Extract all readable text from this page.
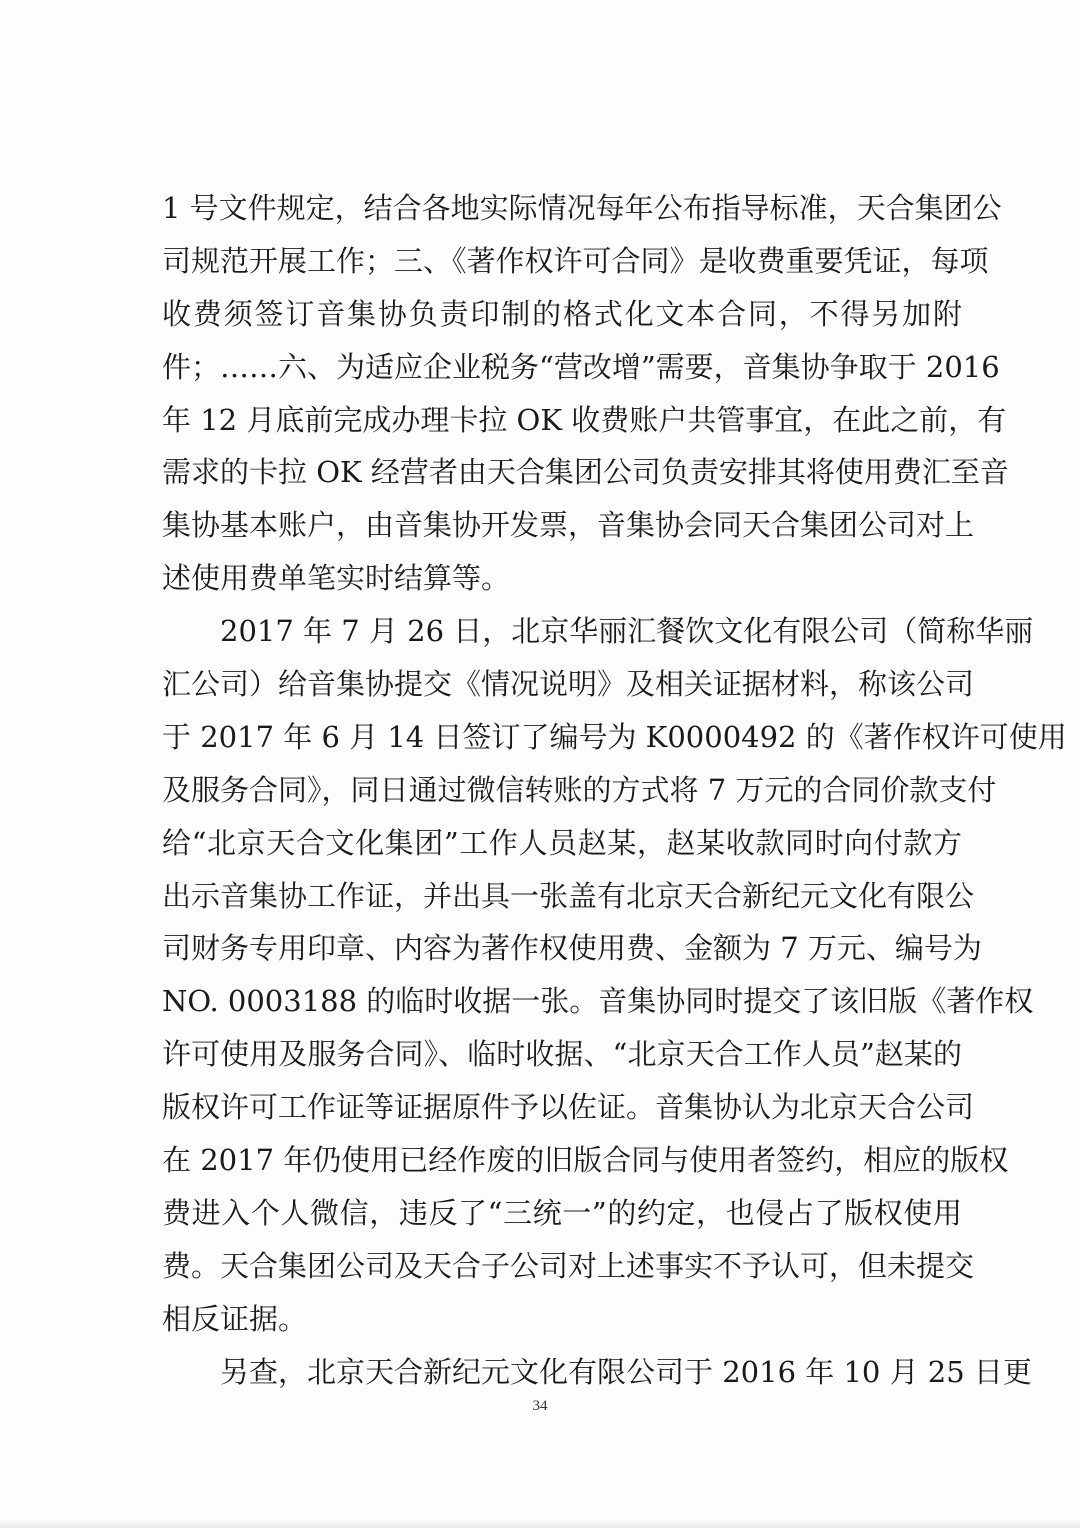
1 号文件规定，结合各地实际情况每年公布指导标准，天合集团公
司规范开展工作；三、《著作权许可合同》是收费重要凭证，每项
收费须签订音集协负责印制的格式化文本合同，不得另加附
件；……六、为适应企业税务“营改增”需要，音集协争取于 2016
年 12 月底前完成办理卡拉 OK 收费账户共管事宜，在此之前，有
需求的卡拉 OK 经营者由天合集团公司负责安排其将使用费汇至音
集协基本账户，由音集协开发票，音集协会同天合集团公司对上
述使用费单笔实时结算等。
2017 年 7 月 26 日，北京华丽汇餐饮文化有限公司（简称华丽
汇公司）给音集协提交《情况说明》及相关证据材料，称该公司
于 2017 年 6 月 14 日签订了编号为 K0000492 的《著作权许可使用
及服务合同》，同日通过微信转账的方式将 7 万元的合同价款支付
给“北京天合文化集团”工作人员赵某，赵某收款同时向付款方
出示音集协工作证，并出具一张盖有北京天合新纪元文化有限公
司财务专用印章、内容为著作权使用费、金额为 7 万元、编号为
NO. 0003188 的临时收据一张。音集协同时提交了该旧版《著作权
许可使用及服务合同》、临时收据、“北京天合工作人员”赵某的
版权许可工作证等证据原件予以佐证。音集协认为北京天合公司
在 2017 年仍使用已经作废的旧版合同与使用者签约，相应的版权
费进入个人微信，违反了“三统一”的约定，也侵占了版权使用
费。天合集团公司及天合子公司对上述事实不予认可，但未提交
相反证据。
另查，北京天合新纪元文化有限公司于 2016 年 10 月 25 日更
34
